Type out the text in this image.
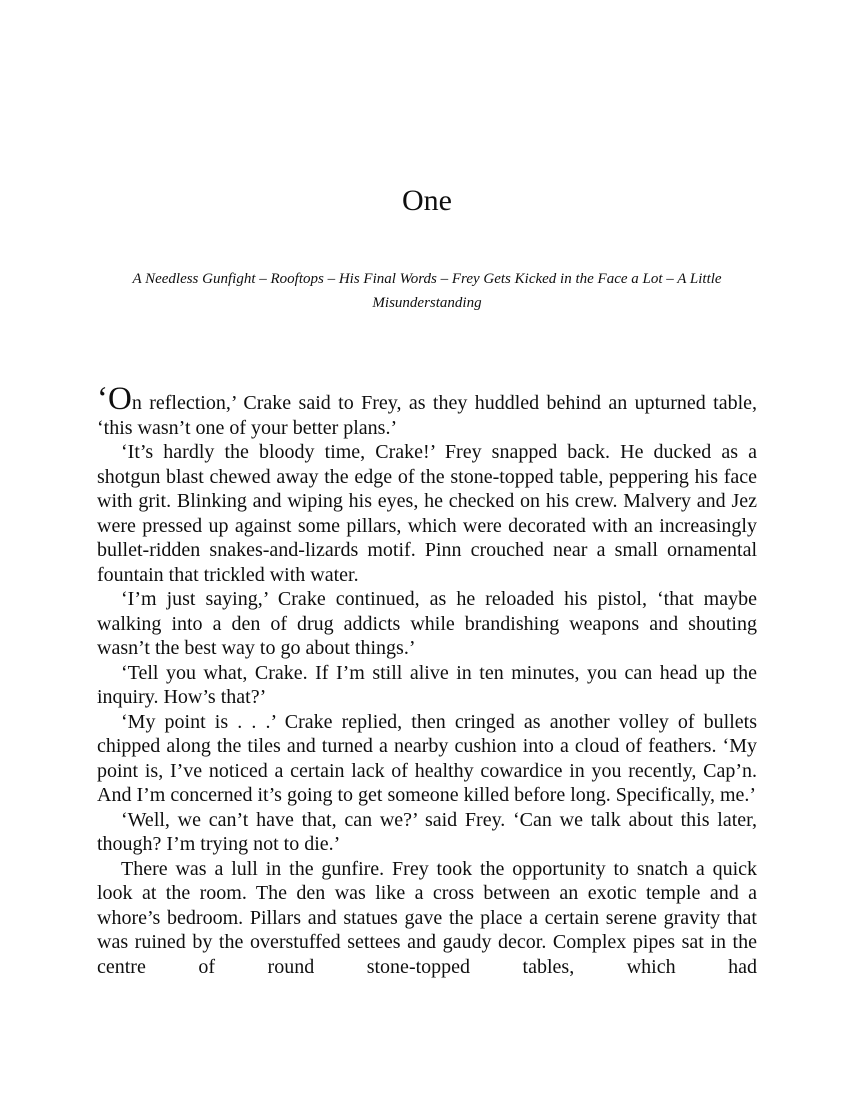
One
A Needless Gunfight – Rooftops – His Final Words – Frey Gets Kicked in the Face a Lot – A Little Misunderstanding

‘On reflection,’ Crake said to Frey, as they huddled behind an upturned table, ‘this wasn’t one of your better plans.’

‘It’s hardly the bloody time, Crake!’ Frey snapped back. He ducked as a shotgun blast chewed away the edge of the stone-topped table, peppering his face with grit. Blinking and wiping his eyes, he checked on his crew. Malvery and Jez were pressed up against some pillars, which were decorated with an increasingly bullet-ridden snakes-and-lizards motif. Pinn crouched near a small ornamental fountain that trickled with water.

‘I’m just saying,’ Crake continued, as he reloaded his pistol, ‘that maybe walking into a den of drug addicts while brandishing weapons and shouting wasn’t the best way to go about things.’

‘Tell you what, Crake. If I’m still alive in ten minutes, you can head up the inquiry. How’s that?’

‘My point is . . .’ Crake replied, then cringed as another volley of bullets chipped along the tiles and turned a nearby cushion into a cloud of feathers. ‘My point is, I’ve noticed a certain lack of healthy cowardice in you recently, Cap’n. And I’m concerned it’s going to get someone killed before long. Specifically, me.’

‘Well, we can’t have that, can we?’ said Frey. ‘Can we talk about this later, though? I’m trying not to die.’

There was a lull in the gunfire. Frey took the opportunity to snatch a quick look at the room. The den was like a cross between an exotic temple and a whore’s bedroom. Pillars and statues gave the place a certain serene gravity that was ruined by the overstuffed settees and gaudy decor. Complex pipes sat in the centre of round stone-topped tables, which had
